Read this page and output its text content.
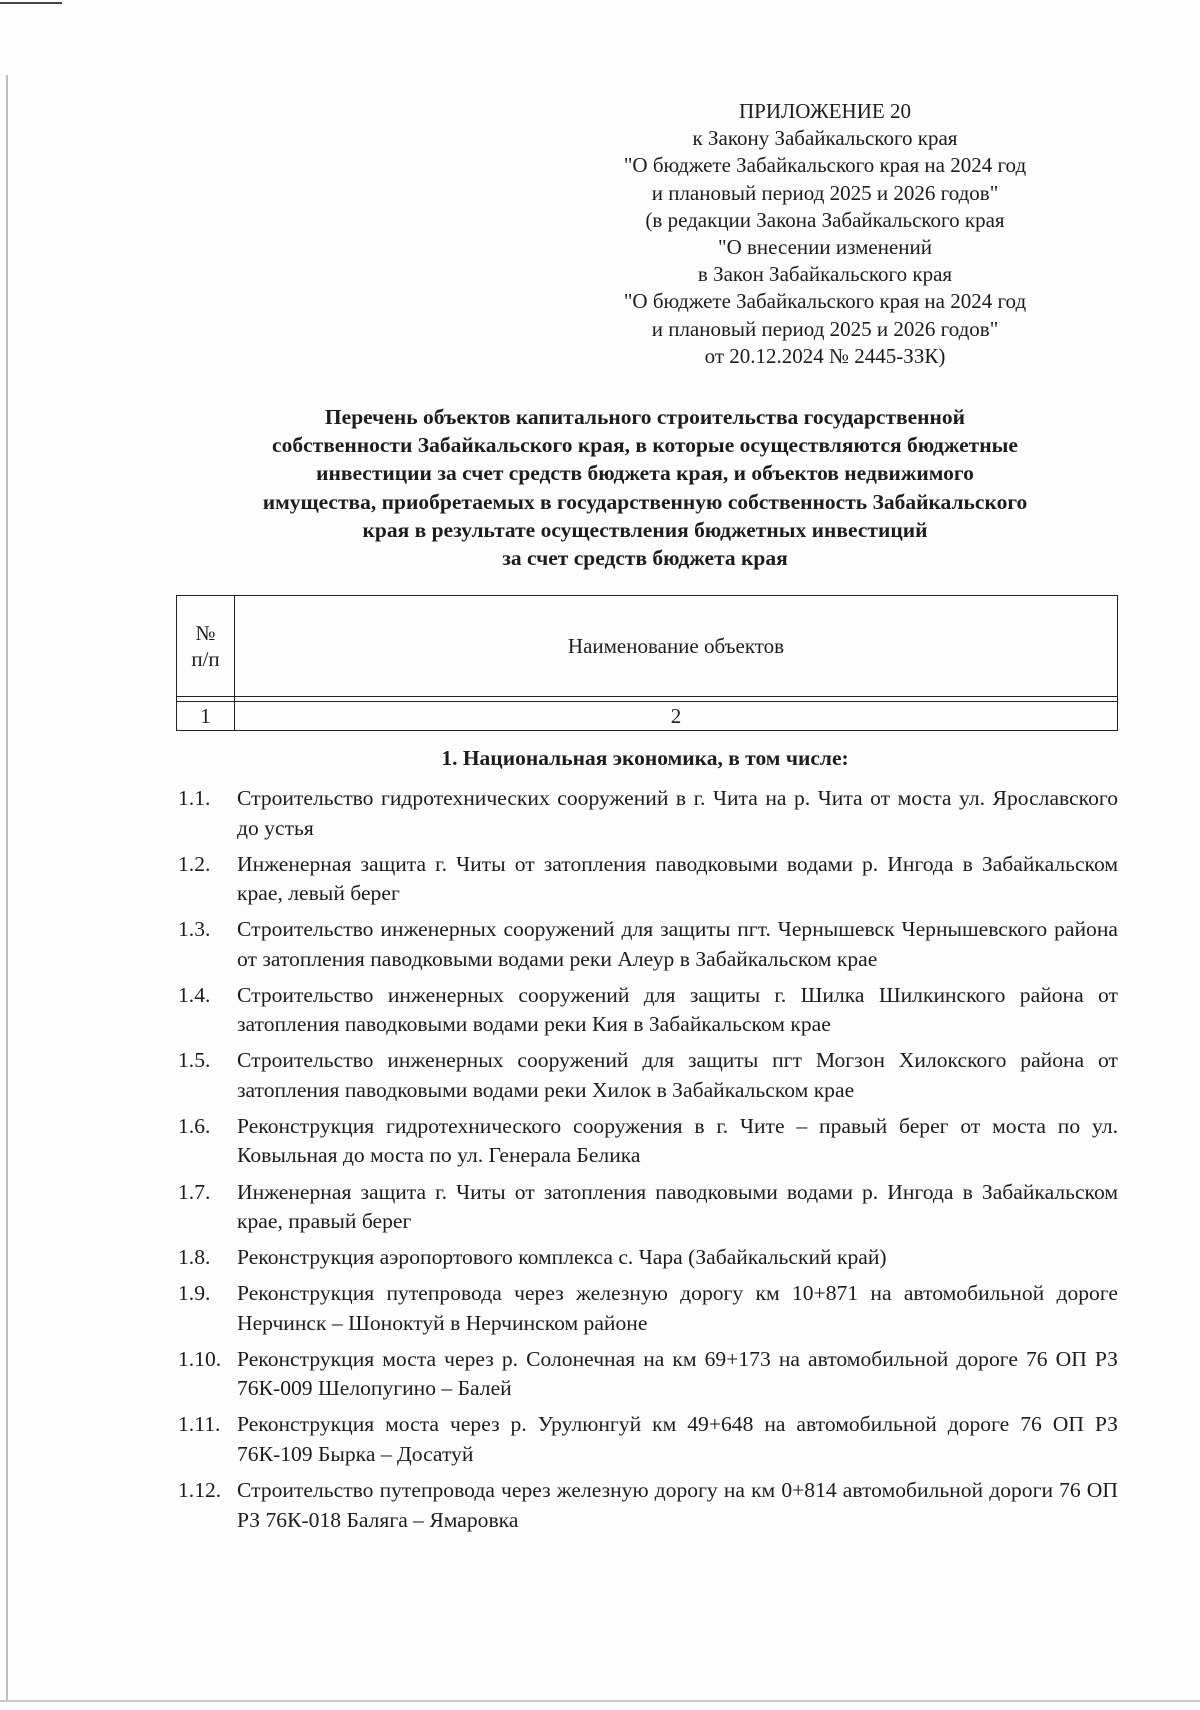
ПРИЛОЖЕНИЕ 20
к Закону Забайкальского края
"О бюджете Забайкальского края на 2024 год
и плановый период 2025 и 2026 годов"
(в редакции Закона Забайкальского края
"О внесении изменений
в Закон Забайкальского края
"О бюджете Забайкальского края на 2024 год
и плановый период 2025 и 2026 годов"
от 20.12.2024 № 2445-ЗЗК)
Перечень объектов капитального строительства государственной
собственности Забайкальского края, в которые осуществляются бюджетные
инвестиции за счет средств бюджета края, и объектов недвижимого
имущества, приобретаемых в государственную собственность Забайкальского
края в результате осуществления бюджетных инвестиций
за счет средств бюджета края
№
п/п	Наименование объектов

1	2
1. Национальная экономика, в том числе:
1.1. Строительство гидротехнических сооружений в г. Чита на р. Чита от моста ул. Ярославского до устья
1.2. Инженерная защита г. Читы от затопления паводковыми водами р. Ингода в Забайкальском крае, левый берег
1.3. Строительство инженерных сооружений для защиты пгт. Чернышевск Чернышевского района от затопления паводковыми водами реки Алеур в Забайкальском крае
1.4. Строительство инженерных сооружений для защиты г. Шилка Шилкинского района от затопления паводковыми водами реки Кия в Забайкальском крае
1.5. Строительство инженерных сооружений для защиты пгт Могзон Хилокского района от затопления паводковыми водами реки Хилок в Забайкальском крае
1.6. Реконструкция гидротехнического сооружения в г. Чите – правый берег от моста по ул. Ковыльная до моста по ул. Генерала Белика
1.7. Инженерная защита г. Читы от затопления паводковыми водами р. Ингода в Забайкальском крае, правый берег
1.8. Реконструкция аэропортового комплекса с. Чара (Забайкальский край)
1.9. Реконструкция путепровода через железную дорогу км 10+871 на автомобильной дороге Нерчинск – Шоноктуй в Нерчинском районе
1.10. Реконструкция моста через р. Солонечная на км 69+173 на автомобильной дороге 76 ОП РЗ 76К-009 Шелопугино – Балей
1.11. Реконструкция моста через р. Урулюнгуй км 49+648 на автомобильной дороге 76 ОП РЗ 76К-109 Бырка – Досатуй
1.12. Строительство путепровода через железную дорогу на км 0+814 автомобильной дороги 76 ОП РЗ 76К-018 Баляга – Ямаровка
